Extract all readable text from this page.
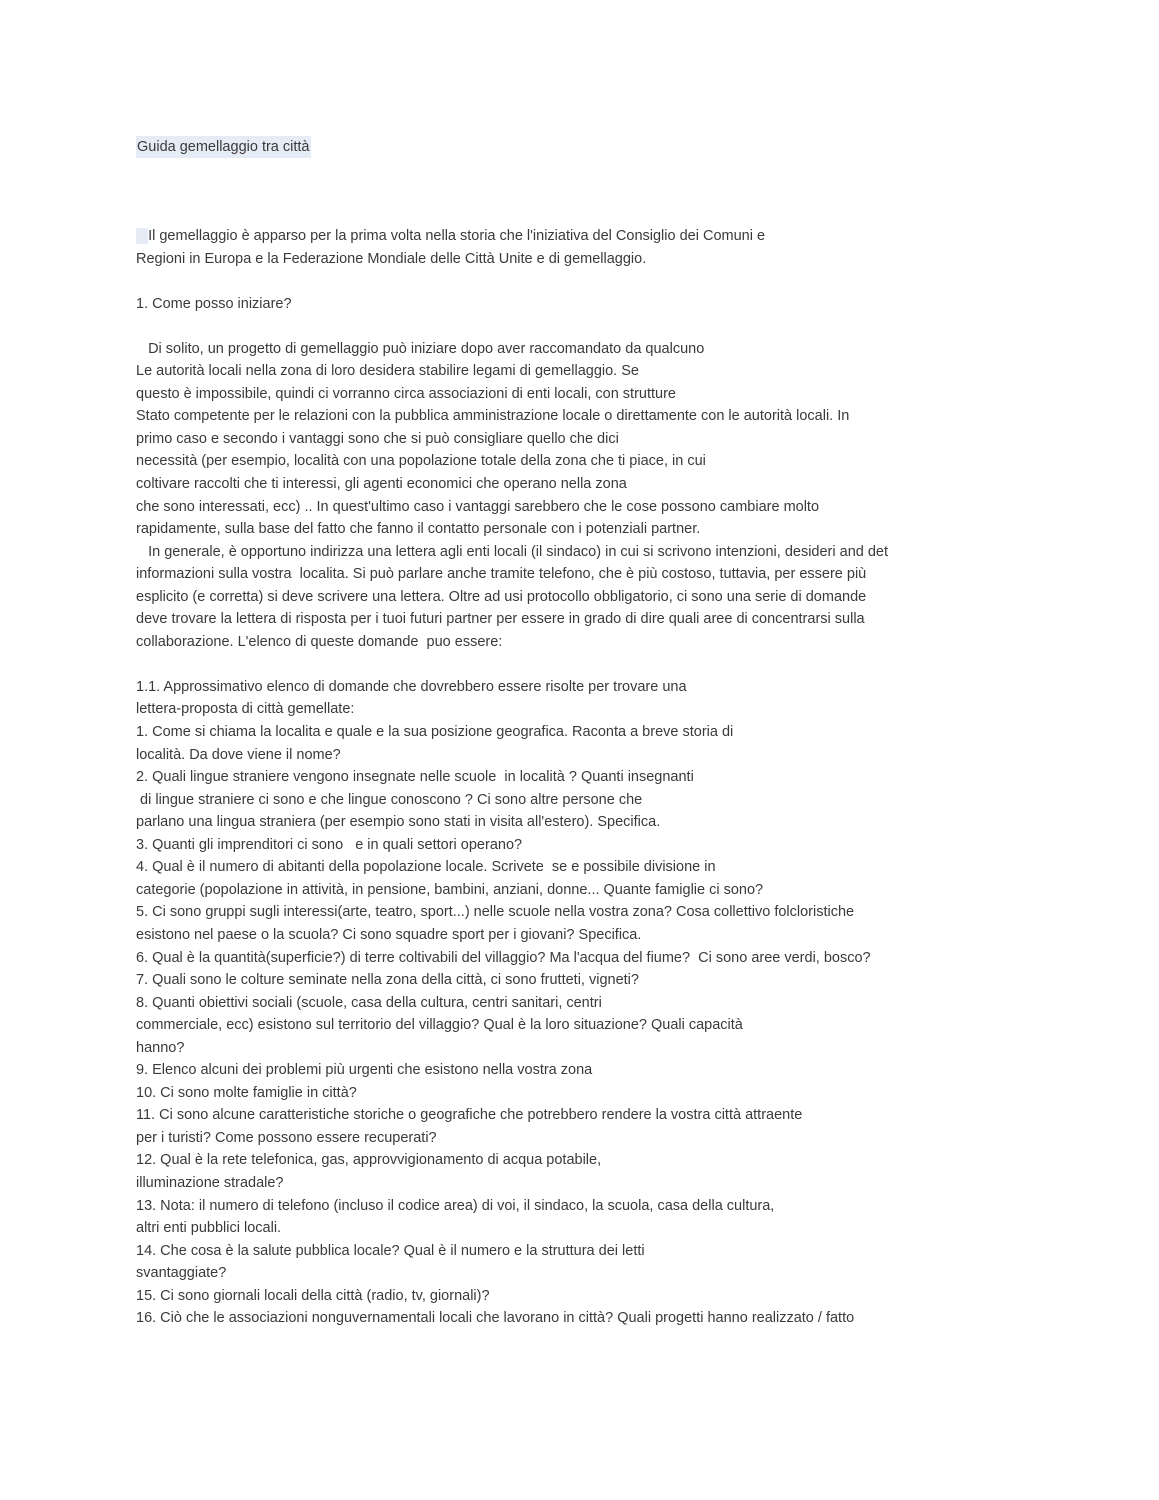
Guida gemellaggio tra città

Il gemellaggio è apparso per la prima volta nella storia che l'iniziativa del Consiglio dei Comuni e

Regioni in Europa e la Federazione Mondiale delle Città Unite e di gemellaggio.

1. Come posso iniziare?

Di solito, un progetto di gemellaggio può iniziare dopo aver raccomandato da qualcuno

Le autorità locali nella zona di loro desidera stabilire legami di gemellaggio. Se

questo è impossibile, quindi ci vorranno circa associazioni di enti locali, con strutture

Stato competente per le relazioni con la pubblica amministrazione locale o direttamente con le autorità locali. In

primo caso e secondo i vantaggi sono che si può consigliare quello che dici

necessità (per esempio, località con una popolazione totale della zona che ti piace, in cui

coltivare raccolti che ti interessi, gli agenti economici che operano nella zona

che sono interessati, ecc) .. In quest'ultimo caso i vantaggi sarebbero che le cose possono cambiare molto

rapidamente, sulla base del fatto che fanno il contatto personale con i potenziali partner.

In generale, è opportuno indirizza una lettera agli enti locali (il sindaco) in cui si scrivono intenzioni, desideri and det

informazioni sulla vostra  localita. Si può parlare anche tramite telefono, che è più costoso, tuttavia, per essere più

esplicito (e corretta) si deve scrivere una lettera. Oltre ad usi protocollo obbligatorio, ci sono una serie di domande

deve trovare la lettera di risposta per i tuoi futuri partner per essere in grado di dire quali aree di concentrarsi sulla

collaborazione. L'elenco di queste domande  puo essere:

1.1. Approssimativo elenco di domande che dovrebbero essere risolte per trovare una

lettera-proposta di città gemellate:

1. Come si chiama la localita e quale e la sua posizione geografica. Raconta a breve storia di

località. Da dove viene il nome?

2. Quali lingue straniere vengono insegnate nelle scuole  in località ? Quanti insegnanti

di lingue straniere ci sono e che lingue conoscono ? Ci sono altre persone che

parlano una lingua straniera (per esempio sono stati in visita all'estero). Specifica.

3. Quanti gli imprenditori ci sono   e in quali settori operano?

4. Qual è il numero di abitanti della popolazione locale. Scrivete  se e possibile divisione in

categorie (popolazione in attività, in pensione, bambini, anziani, donne... Quante famiglie ci sono?

5. Ci sono gruppi sugli interessi(arte, teatro, sport...) nelle scuole nella vostra zona? Cosa collettivo folcloristiche

esistono nel paese o la scuola? Ci sono squadre sport per i giovani? Specifica.

6. Qual è la quantità(superficie?) di terre coltivabili del villaggio? Ma l'acqua del fiume?  Ci sono aree verdi, bosco?

7. Quali sono le colture seminate nella zona della città, ci sono frutteti, vigneti?

8. Quanti obiettivi sociali (scuole, casa della cultura, centri sanitari, centri

commerciale, ecc) esistono sul territorio del villaggio? Qual è la loro situazione? Quali capacità

hanno?

9. Elenco alcuni dei problemi più urgenti che esistono nella vostra zona

10. Ci sono molte famiglie in città?

11. Ci sono alcune caratteristiche storiche o geografiche che potrebbero rendere la vostra città attraente

per i turisti? Come possono essere recuperati?

12. Qual è la rete telefonica, gas, approvvigionamento di acqua potabile,

illuminazione stradale?

13. Nota: il numero di telefono (incluso il codice area) di voi, il sindaco, la scuola, casa della cultura,

altri enti pubblici locali.

14. Che cosa è la salute pubblica locale? Qual è il numero e la struttura dei letti

svantaggiate?

15. Ci sono giornali locali della città (radio, tv, giornali)?

16. Ciò che le associazioni nonguvernamentali locali che lavorano in città? Quali progetti hanno realizzato / fatto
